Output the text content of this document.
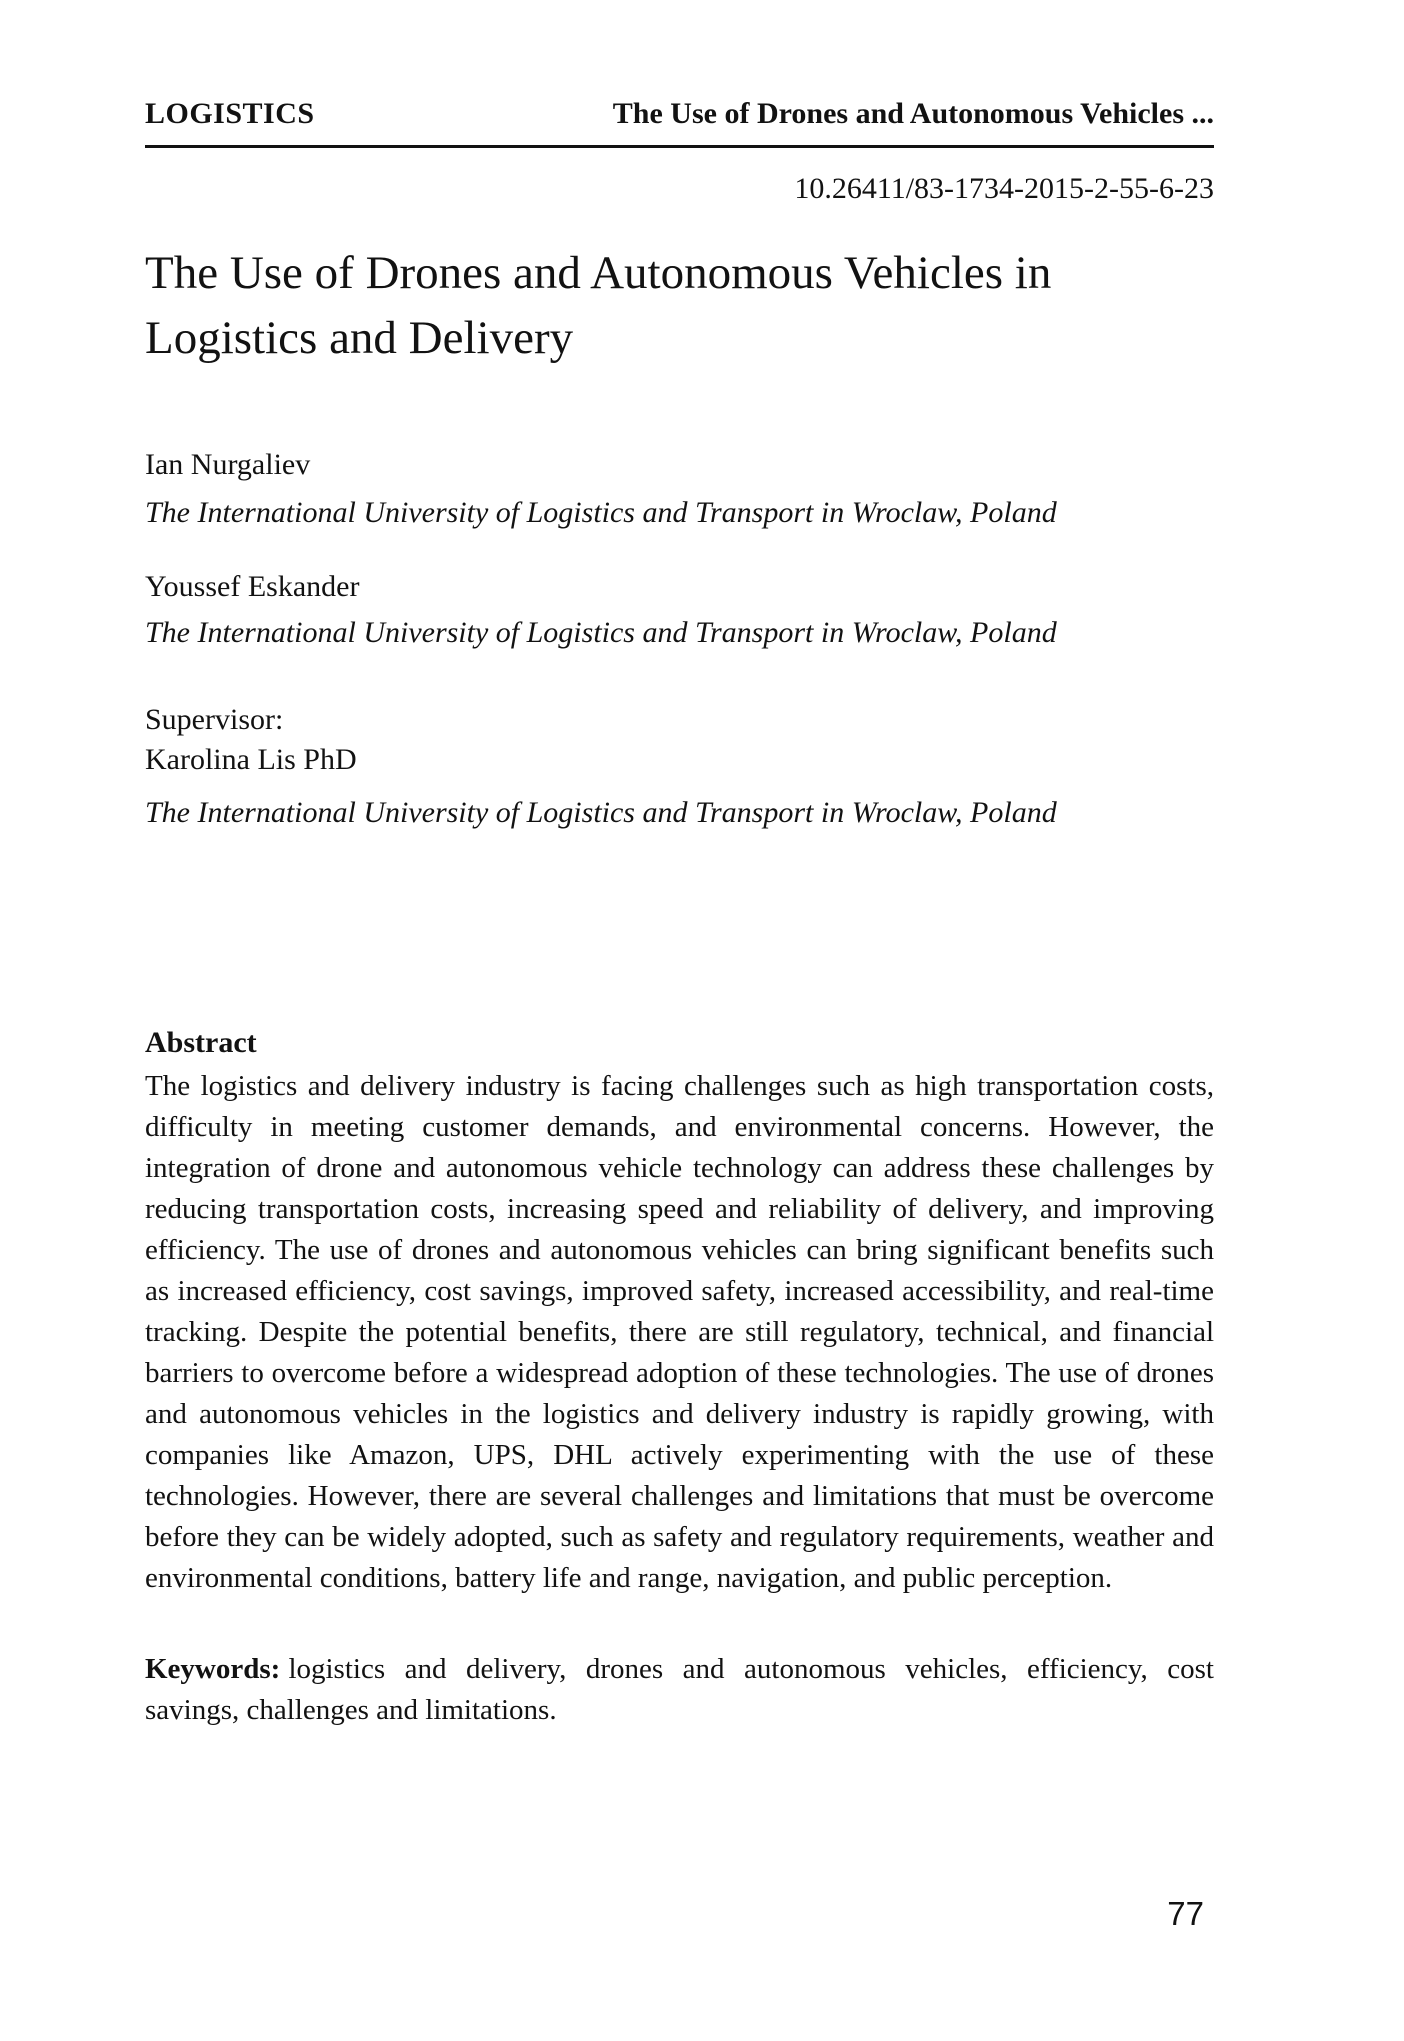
LOGISTICS	The Use of Drones and Autonomous Vehicles ...
10.26411/83-1734-2015-2-55-6-23
The Use of Drones and Autonomous Vehicles in Logistics and Delivery
Ian Nurgaliev
The International University of Logistics and Transport in Wroclaw, Poland
Youssef Eskander
The International University of Logistics and Transport in Wroclaw, Poland
Supervisor:
Karolina Lis PhD
The International University of Logistics and Transport in Wroclaw, Poland
Abstract

The logistics and delivery industry is facing challenges such as high transportation costs, difficulty in meeting customer demands, and environmental concerns. However, the integration of drone and autonomous vehicle technology can address these challenges by reducing transportation costs, increasing speed and reliability of delivery, and improving efficiency. The use of drones and autonomous vehicles can bring significant benefits such as increased efficiency, cost savings, improved safety, increased accessibility, and real-time tracking. Despite the potential benefits, there are still regulatory, technical, and financial barriers to overcome before a widespread adoption of these technologies. The use of drones and autonomous vehicles in the logistics and delivery industry is rapidly growing, with companies like Amazon, UPS, DHL actively experimenting with the use of these technologies. However, there are several challenges and limitations that must be overcome before they can be widely adopted, such as safety and regulatory requirements, weather and environmental conditions, battery life and range, navigation, and public perception.

Keywords: logistics and delivery, drones and autonomous vehicles, efficiency, cost savings, challenges and limitations.

77
